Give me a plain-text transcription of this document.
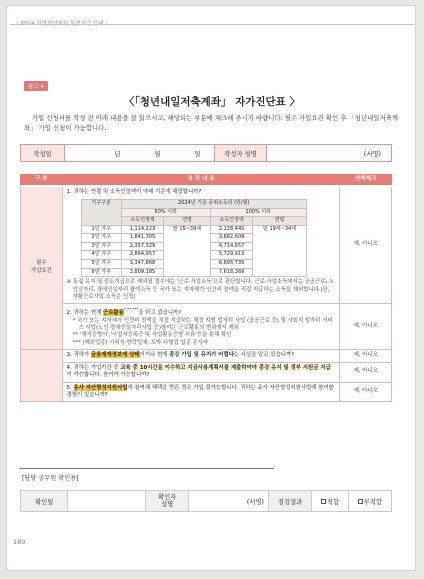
| 2024 자산형성지원 통장사업 안내 |
참고 4
〈「청년내일저축계좌」 자가진단표 〉
가입 신청서를 작성 전 아래 내용을 잘 읽으시고, 해당되는 부분에 체크해 주시기 바랍니다. 필수 가입요건 확인 후 「청년내일저축계좌」 가입 신청이 가능합니다.
작성일	년	월	일	작성자 성명	(서명)
구 분	점 검 내 용	선택체크
필수
가입요건	
1. 귀하는 연령 및 소득인정액이 아래 기준에 해당합니까?
가구구분	2024년 기준 중위소득의 (원/월)
50% 이하	100% 이하
소득인정액	연령	소득인정액	연령
1인 가구	1,114,223	만 15~39세	2,228,445	만 19세~34세
2인 가구	1,841,305	3,682,609
3인 가구	2,357,329	4,714,657
4인 가구	2,864,957	5,729,913
5인 가구	3,347,868	6,695,735
6인 가구	3,809,185	7,618,369
※ 동점 유지 및 중도지급으로 예외될 경우에는 '근로·사업소득'으로 판단합니다. 근로·사업소득에서는 공공근로, 노인일자리, 장애인일자리 참여소득 등 국가 또는 지자체가 인건비 전액을 직접 지급하는 소득을 제외합니다.(단, 자활근로사업 소득은 인정)
	예, 아니오

2. 귀하는 현재 근로활동*,**,***을 하고 있습니까?
* 국가 또는 지자체가 인건비 전액을 직접 지급하는 재정 지원 일자리 사업 (공공근로 등) 및 사회적 일자리 서비스 사업(노인·장애인일자리사업 등)참여는 근로활동의 범위에서 제외
** '재직증명서','사업자등록증 및 사업활동증명 서류'등을 통해 확인
*** (제외업종) 사치성·향락업체, 도박·사행업 업종 종사자
	예, 아니오

3. 귀하가 금융제재정보에 상태이거나 현재 종강 가입 및 유지가 어렵다는 사실을 알고 있습니까?	예, 아니오

4. 귀하는 가입기간 중 교육 중 10시간을 이수하고 지금사용계획서를 제출하여야 종강 유지 및 정부 지원금 지급이 가능합니다. 참여가 가능합니까?
	예, 아니오

5. 유사 자산형성지원사업에 참여해 혜택을 받은 경우 가입 불가능합니다. 귀하는 유사 자산형성지원사업에 참여한 경험이 있습니까?
	예, 아니오
[담당 공무원 확인용]
확인일		확인자
성명	(서명)	점검결과	적합	부적합
180
